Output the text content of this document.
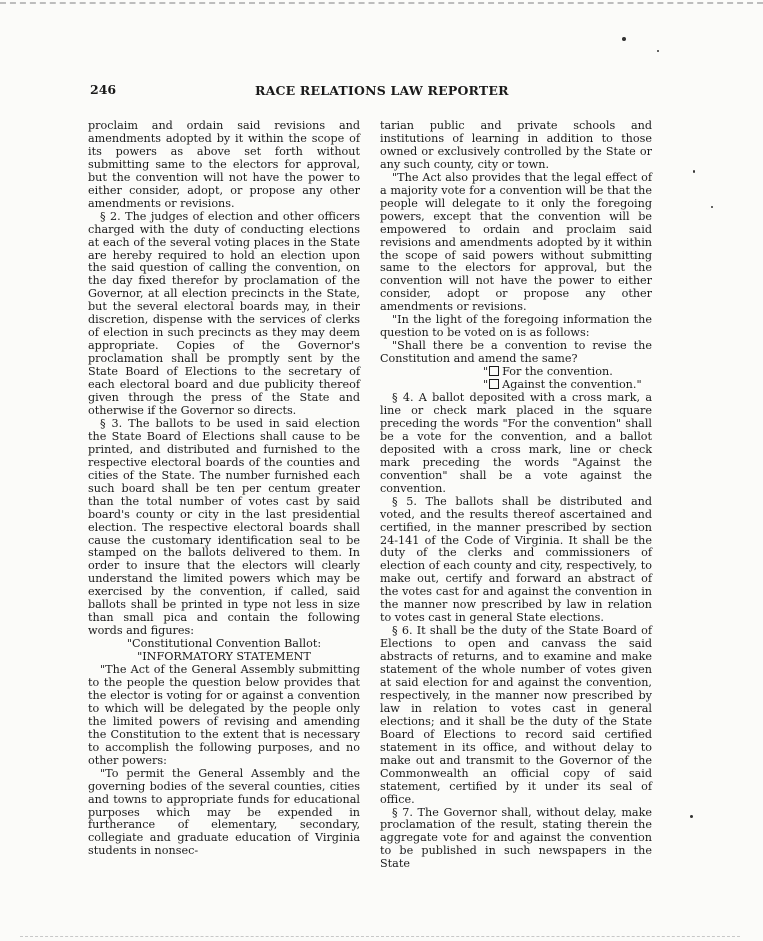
246	RACE RELATIONS LAW REPORTER

proclaim and ordain said revisions and amendments adopted by it within the scope of its powers as above set forth without submitting same to the electors for approval, but the convention will not have the power to either consider, adopt, or propose any other amendments or revisions.

§ 2. The judges of election and other officers charged with the duty of conducting elections at each of the several voting places in the State are hereby required to hold an election upon the said question of calling the convention, on the day fixed therefor by proclamation of the Governor, at all election precincts in the State, but the several electoral boards may, in their discretion, dispense with the services of clerks of election in such precincts as they may deem appropriate. Copies of the Governor's proclamation shall be promptly sent by the State Board of Elections to the secretary of each electoral board and due publicity thereof given through the press of the State and otherwise if the Governor so directs.

§ 3. The ballots to be used in said election the State Board of Elections shall cause to be printed, and distributed and furnished to the respective electoral boards of the counties and cities of the State. The number furnished each such board shall be ten per centum greater than the total number of votes cast by said board's county or city in the last presidential election. The respective electoral boards shall cause the customary identification seal to be stamped on the ballots delivered to them. In order to insure that the electors will clearly understand the limited powers which may be exercised by the convention, if called, said ballots shall be printed in type not less in size than small pica and contain the following words and figures:

"Constitutional Convention Ballot:

"INFORMATORY STATEMENT

"The Act of the General Assembly submitting to the people the question below provides that the elector is voting for or against a convention to which will be delegated by the people only the limited powers of revising and amending the Constitution to the extent that is necessary to accomplish the following purposes, and no other powers:

"To permit the General Assembly and the governing bodies of the several counties, cities and towns to appropriate funds for educational purposes which may be expended in furtherance of elementary, secondary, collegiate and graduate education of Virginia students in nonsec-

tarian public and private schools and institutions of learning in addition to those owned or exclusively controlled by the State or any such county, city or town.

"The Act also provides that the legal effect of a majority vote for a convention will be that the people will delegate to it only the foregoing powers, except that the convention will be empowered to ordain and proclaim said revisions and amendments adopted by it within the scope of said powers without submitting same to the electors for approval, but the convention will not have the power to either consider, adopt or propose any other amendments or revisions.

"In the light of the foregoing information the question to be voted on is as follows:

"Shall there be a convention to revise the Constitution and amend the same?

" For the convention.

" Against the convention."

§ 4. A ballot deposited with a cross mark, a line or check mark placed in the square preceding the words "For the convention" shall be a vote for the convention, and a ballot deposited with a cross mark, line or check mark preceding the words "Against the convention" shall be a vote against the convention.

§ 5. The ballots shall be distributed and voted, and the results thereof ascertained and certified, in the manner prescribed by section 24-141 of the Code of Virginia. It shall be the duty of the clerks and commissioners of election of each county and city, respectively, to make out, certify and forward an abstract of the votes cast for and against the convention in the manner now prescribed by law in relation to votes cast in general State elections.

§ 6. It shall be the duty of the State Board of Elections to open and canvass the said abstracts of returns, and to examine and make statement of the whole number of votes given at said election for and against the convention, respectively, in the manner now prescribed by law in relation to votes cast in general elections; and it shall be the duty of the State Board of Elections to record said certified statement in its office, and without delay to make out and transmit to the Governor of the Commonwealth an official copy of said statement, certified by it under its seal of office.

§ 7. The Governor shall, without delay, make proclamation of the result, stating therein the aggregate vote for and against the convention to be published in such newspapers in the State
